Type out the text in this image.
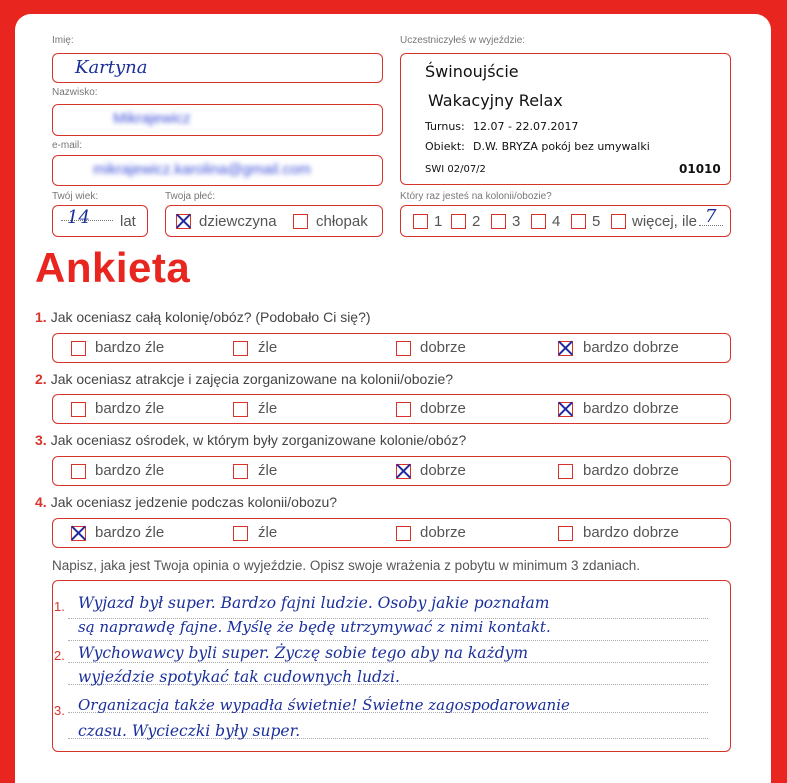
Imię:
Kartyna
Nazwisko:
Mikrajewicz
e-mail:
mikrajewicz.karolina@gmail.com
Twój wiek:
14 lat
Twoja płeć:
dziewczyna	chłopak
Uczestniczyłeś w wyjeździe:
Świnoujście
Wakacyjny Relax
Turnus: 12.07 - 22.07.2017
Obiekt: D.W. BRYZA pokój bez umywalki
SWI 02/07/2	01010
Który raz jesteś na kolonii/obozie?
1 2 3 4 5 więcej, ile 7
Ankieta
1. Jak oceniasz całą kolonię/obóz? (Podobało Ci się?)
bardzo źle	źle	dobrze	bardzo dobrze
2. Jak oceniasz atrakcje i zajęcia zorganizowane na kolonii/obozie?
bardzo źle	źle	dobrze	bardzo dobrze
3. Jak oceniasz ośrodek, w którym były zorganizowane kolonie/obóz?
bardzo źle	źle	dobrze	bardzo dobrze
4. Jak oceniasz jedzenie podczas kolonii/obozu?
bardzo źle	źle	dobrze	bardzo dobrze
Napisz, jaka jest Twoja opinia o wyjeździe. Opisz swoje wrażenia z pobytu w minimum 3 zdaniach.
1.
2.
3.
Wyjazd był super. Bardzo fajni ludzie. Osoby jakie poznałam
są naprawdę fajne. Myślę że będę utrzymywać z nimi kontakt.
Wychowawcy byli super. Życzę sobie tego aby na każdym
wyjeździe spotykać tak cudownych ludzi.
Organizacja także wypadła świetnie! Świetne zagospodarowanie
czasu. Wycieczki były super.
